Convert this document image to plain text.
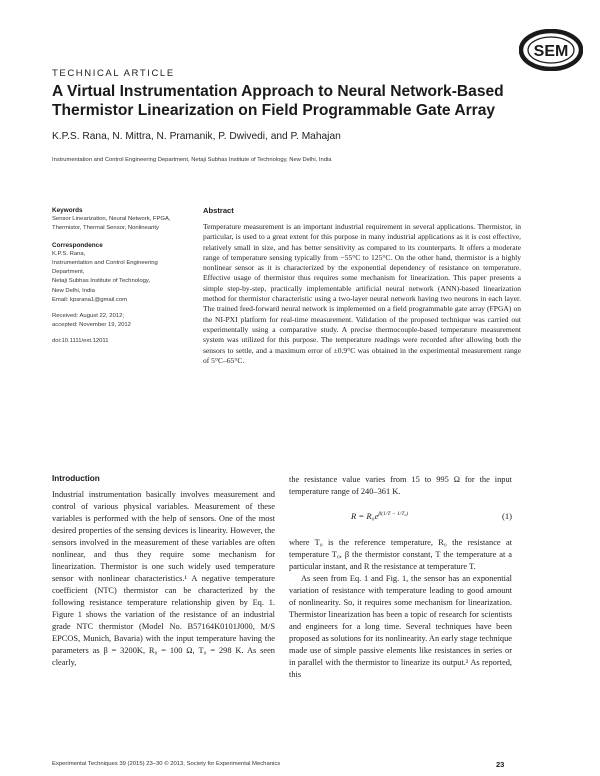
SEM
TECHNICAL ARTICLE
A Virtual Instrumentation Approach to Neural Network-Based Thermistor Linearization on Field Programmable Gate Array
K.P.S. Rana, N. Mittra, N. Pramanik, P. Dwivedi, and P. Mahajan
Instrumentation and Control Engineering Department, Netaji Subhas Institute of Technology, New Delhi, India
Keywords
Sensor Linearization, Neural Network, FPGA,
Thermistor, Thermal Sensor, Nonlinearity
Correspondence
K.P.S. Rana,
Instrumentation and Control Engineering
Department,
Netaji Subhas Institute of Technology,
New Delhi, India
Email: kpsrana1@gmail.com
Received: August 22, 2012;
accepted: November 19, 2012
doi:10.1111/ext.12011
Abstract
Temperature measurement is an important industrial requirement in several applications. Thermistor, in particular, is used to a great extent for this purpose in many industrial applications as it is cost effective, relatively small in size, and has better sensitivity as compared to its counterparts. It offers a moderate range of temperature sensing typically from −55°C to 125°C. On the other hand, thermistor is a highly nonlinear sensor as it is characterized by the exponential dependency of resistance on temperature. Effective usage of thermistor thus requires some mechanism for linearization. This paper presents a simple step-by-step, practically implementable artificial neural network (ANN)-based linearization method for thermistor characteristic using a two-layer neural network having two neurons in each layer. The trained feed-forward neural network is implemented on a field programmable gate array (FPGA) on the NI-PXI platform for real-time measurement. Validation of the proposed technique was carried out experimentally using a comparative study. A precise thermocouple-based temperature measurement system was utilized for this purpose. The temperature readings were recorded after allowing both the sensors to settle, and a maximum error of ±0.9°C was obtained in the experimental measurement range of 5°C–65°C.
Introduction

Industrial instrumentation basically involves measurement and control of various physical variables. Measurement of these variables is performed with the help of sensors. One of the most desired properties of the sensing devices is linearity. However, the sensors involved in the measurement of these variables are often nonlinear, and thus they require some mechanism for linearization. Thermistor is one such widely used temperature sensor with nonlinear characteristics.¹ A negative temperature coefficient (NTC) thermistor can be characterized by the following resistance temperature relationship given by Eq. 1. Figure 1 shows the variation of the resistance of an industrial grade NTC thermistor (Model No. B57164K0101J000, M/S EPCOS, Munich, Bavaria) with the input temperature having the parameters as β = 3200K, R₀ = 100 Ω, T₀ = 298 K. As seen clearly,

the resistance value varies from 15 to 995 Ω for the input temperature range of 240–361 K.

$R = R_0e^{\beta(1/T - 1/T_0)}$	(1)

where T₀ is the reference temperature, R₀ the resistance at temperature T₀, β the thermistor constant, T the temperature at a particular instant, and R the resistance at temperature T.

As seen from Eq. 1 and Fig. 1, the sensor has an exponential variation of resistance with temperature leading to good amount of nonlinearity. So, it requires some mechanism for linearization. Thermistor linearization has been a topic of research for scientists and engineers for a long time. Several techniques have been proposed as solutions for its nonlinearity. An early stage technique made use of simple passive elements like resistances in series or in parallel with the thermistor to linearize its output.² As reported, this

Experimental Techniques 39 (2015) 23–30 © 2013, Society for Experimental Mechanics	23
